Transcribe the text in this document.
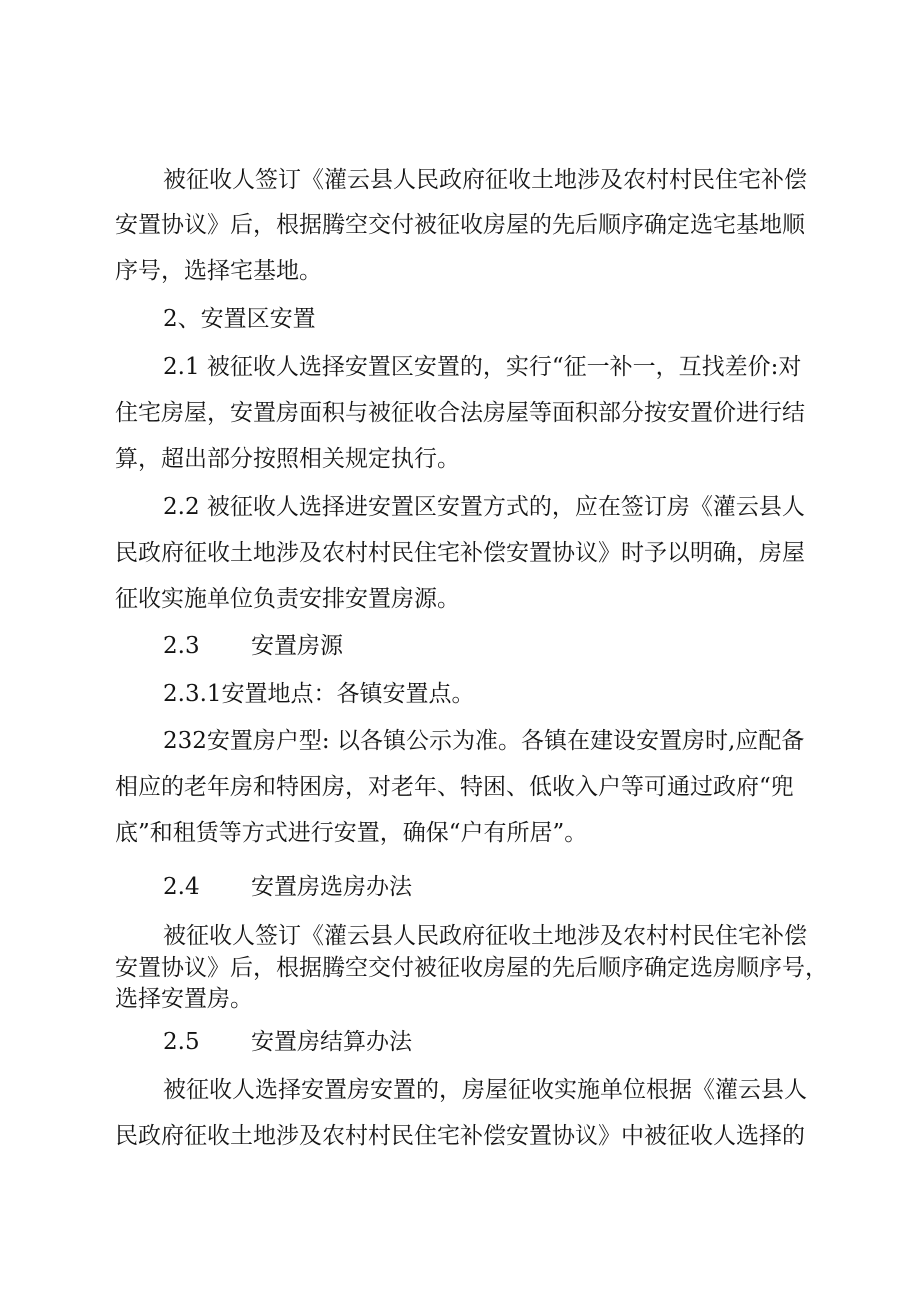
被征收人签订《灌云县人民政府征收土地涉及农村村民住宅补偿
安置协议》后，根据腾空交付被征收房屋的先后顺序确定选宅基地顺
序号，选择宅基地。
2、安置区安置
2.1 被征收人选择安置区安置的，实行“征一补一，互找差价:对
住宅房屋，安置房面积与被征收合法房屋等面积部分按安置价进行结
算，超出部分按照相关规定执行。
2.2 被征收人选择进安置区安置方式的，应在签订房《灌云县人
民政府征收土地涉及农村村民住宅补偿安置协议》时予以明确，房屋
征收实施单位负责安排安置房源。
2.3 安置房源
2.3.1安置地点：各镇安置点。
232安置房户型: 以各镇公示为准。各镇在建设安置房时,应配备
相应的老年房和特困房，对老年、特困、低收入户等可通过政府“兜
底”和租赁等方式进行安置，确保“户有所居”。
2.4 安置房选房办法
被征收人签订《灌云县人民政府征收土地涉及农村村民住宅补偿
安置协议》后，根据腾空交付被征收房屋的先后顺序确定选房顺序号，
选择安置房。
2.5 安置房结算办法
被征收人选择安置房安置的，房屋征收实施单位根据《灌云县人
民政府征收土地涉及农村村民住宅补偿安置协议》中被征收人选择的
